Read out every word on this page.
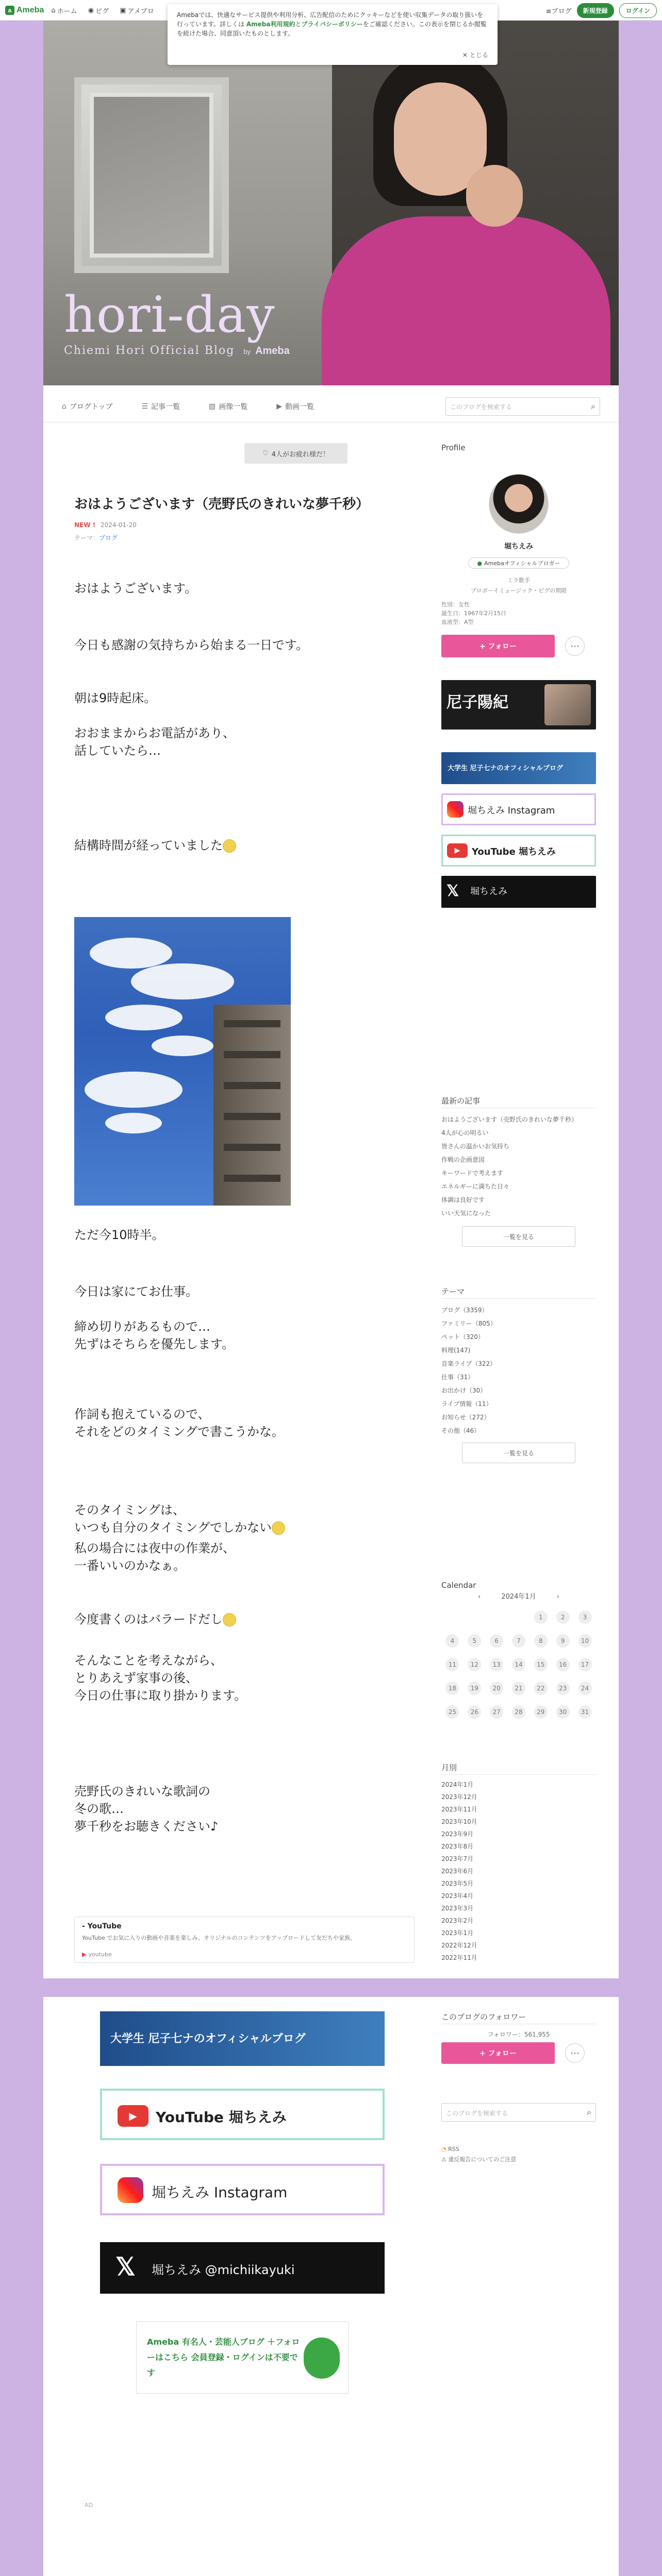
a Ameba ⌂ ホーム
◉ ピグ
▣ アメブロ	≡ブログ	新規登録	ログイン
Amebaでは、快適なサービス提供や利用分析、広告配信のためにクッキーなどを使い収集データの取り扱いを行っています。詳しくは Ameba利用規約とプライバシーポリシーをご確認ください。この表示を閉じるか閲覧を続けた場合、同意頂いたものとします。
✕ とじる
hori-day
Chiemi Hori Official Blog by Ameba
⌂ ブログトップ	☰ 記事一覧	▧ 画像一覧	▶ 動画一覧	このブログを検索する	⌕
♡ 4人がお疲れ様だ！
おはようございます（売野氏のきれいな夢千秒）
NEW ! 2024-01-20
テーマ：ブログ
おはようございます。
今日も感謝の気持ちから始まる一日です。
朝は9時起床。

おおままからお電話があり、
話していたら…

結構時間が経っていました

ただ今10時半。
今日は家にてお仕事。

締め切りがあるもので…
先ずはそちらを優先します。
作詞も抱えているので、
それをどのタイミングで書こうかな。

そのタイミングは、
いつも自分のタイミングでしかない

私の場合には夜中の作業が、
一番いいのかなぁ。

今度書くのはバラードだし

そんなことを考えながら、
とりあえず家事の後、
今日の仕事に取り掛かります。
売野氏のきれいな歌詞の
冬の歌…
夢千秒をお聴きください♪
- YouTube
YouTube でお気に入りの動画や音楽を楽しみ、オリジナルのコンテンツをアップロードして友だちや家族、
▶ youtube
Profile
堀ちえみ
● Amebaオフィシャルブロガー
ミラ歌手
プロボーイミュージック・ピグの期限
性別：女性
誕生日：1967年2月15日
血液型：A型
+ フォロー	⋯
尼子陽紀
大学生 尼子七ナのオフィシャルブログ
堀ちえみ Instagram
▶	YouTube 堀ちえみ
𝕏 堀ちえみ
最新の記事
おはようございます（売野氏のきれいな夢千秒）
4人が心の明るい
皆さんの温かいお気持ち
作戦の企画意図
キーワードで考えます
エネルギーに満ちた日々
体調は良好です
いい天気になった
一覧を見る
テーマ
ブログ（3359）
ファミリー（805）
ペット（320）
料理(147)
音楽ライブ（322）
仕事（31）
お出かけ（30）
ライブ情報（11）
お知らせ（272）
その他（46）
一覧を見る
Calendar
‹	2024年1月	›
				1	2	3
4	5	6	7	8	9	10
11	12	13	14	15	16	17
18	19	20	21	22	23	24
25	26	27	28	29	30	31
月別
2024年1月
2023年12月
2023年11月
2023年10月
2023年9月
2023年8月
2023年7月
2023年6月
2023年5月
2023年4月
2023年3月
2023年2月
2023年1月
2022年12月
2022年11月
大学生 尼子七ナのオフィシャルブログ
▶	YouTube 堀ちえみ
堀ちえみ Instagram
𝕏 堀ちえみ @michiikayuki
Ameba 有名人・芸能人ブログ ＋フォローはこちら 会員登録・ログインは不要です
AD
このブログのフォロワー
フォロワー：561,955
+ フォロー	⋯
このブログを検索する	⌕
◔ RSS
⚠ 違反報告についてのご注意
